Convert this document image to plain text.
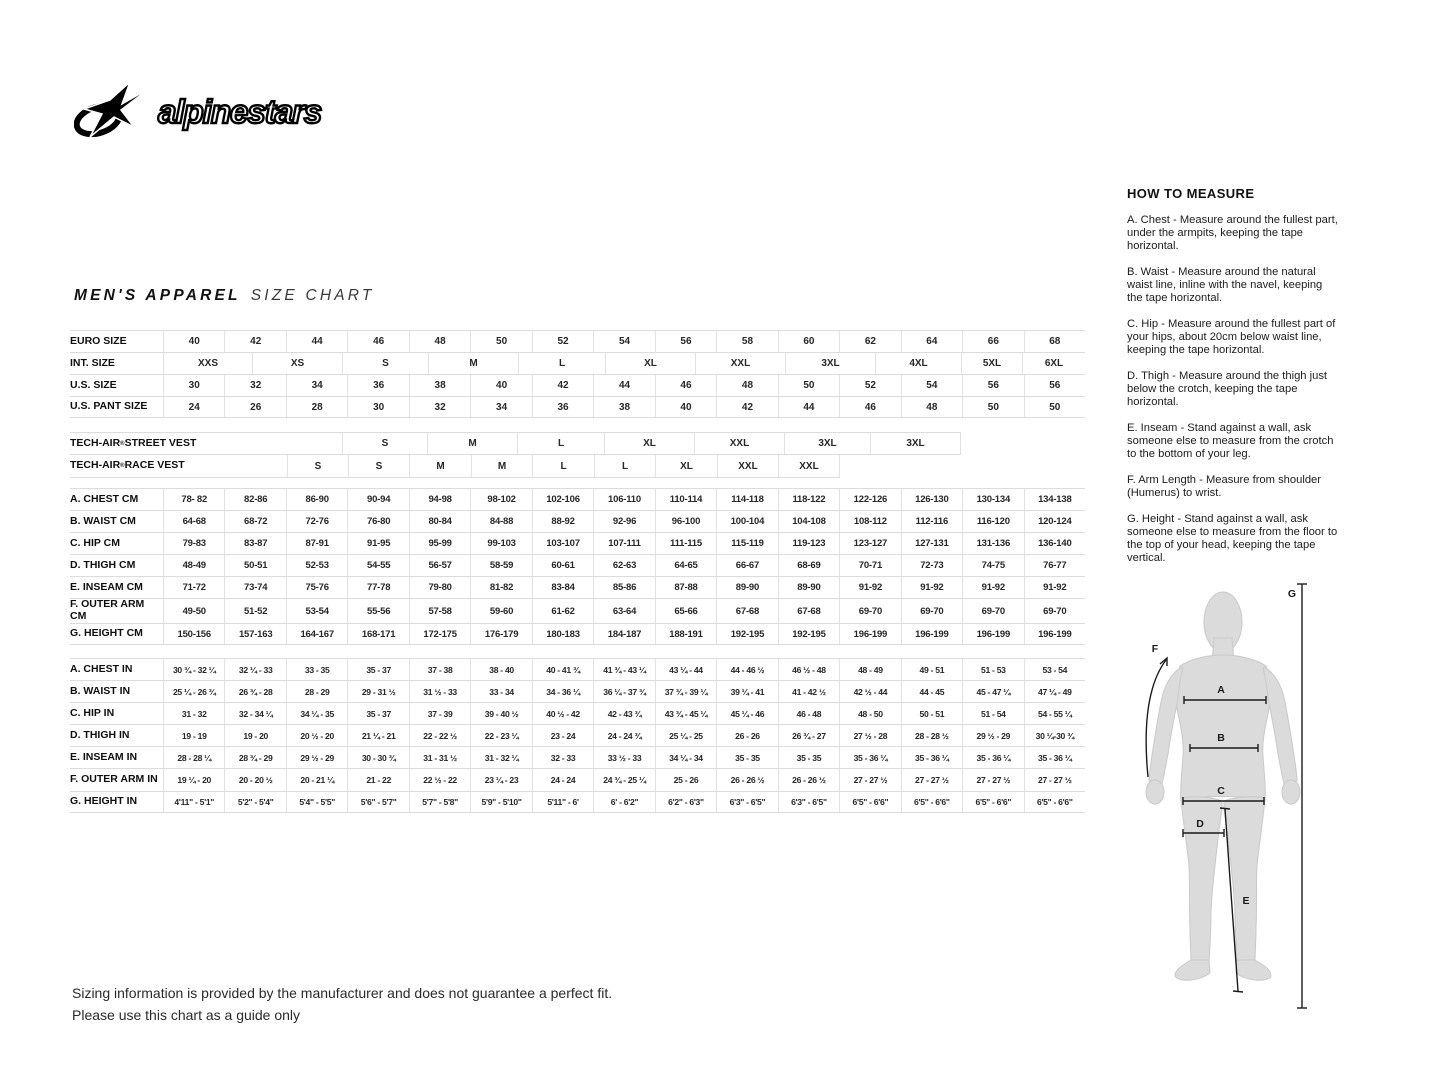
alpinestars
MEN'S APPAREL SIZE CHART
EURO SIZE	40	42	44	46	48	50	52	54	56	58	60	62	64	66	68
INT. SIZE	XXS	XS	S	M	L	XL	XXL	3XL	4XL	5XL	6XL
U.S. SIZE	30	32	34	36	38	40	42	44	46	48	50	52	54	56	56
U.S. PANT SIZE	24	26	28	30	32	34	36	38	40	42	44	46	48	50	50
TECH-AIR ® STREET VEST	S	M	L	XL	XXL	3XL	3XL
TECH-AIR ® RACE VEST	S	S	M	M	L	L	XL	XXL	XXL
A. CHEST CM	78- 82	82-86	86-90	90-94	94-98	98-102	102-106	106-110	110-114	114-118	118-122	122-126	126-130	130-134	134-138
B. WAIST CM	64-68	68-72	72-76	76-80	80-84	84-88	88-92	92-96	96-100	100-104	104-108	108-112	112-116	116-120	120-124
C. HIP CM	79-83	83-87	87-91	91-95	95-99	99-103	103-107	107-111	111-115	115-119	119-123	123-127	127-131	131-136	136-140
D. THIGH CM	48-49	50-51	52-53	54-55	56-57	58-59	60-61	62-63	64-65	66-67	68-69	70-71	72-73	74-75	76-77
E. INSEAM CM	71-72	73-74	75-76	77-78	79-80	81-82	83-84	85-86	87-88	89-90	89-90	91-92	91-92	91-92	91-92
F. OUTER ARM CM	49-50	51-52	53-54	55-56	57-58	59-60	61-62	63-64	65-66	67-68	67-68	69-70	69-70	69-70	69-70
G. HEIGHT CM	150-156	157-163	164-167	168-171	172-175	176-179	180-183	184-187	188-191	192-195	192-195	196-199	196-199	196-199	196-199
A. CHEST IN	30 ¾ - 32 ¼	32 ¼ - 33	33 - 35	35 - 37	37 - 38	38 - 40	40 - 41 ¾	41 ¾ - 43 ¼	43 ¼ - 44	44 - 46 ½	46 ½ - 48	48 - 49	49 - 51	51 - 53	53 - 54
B. WAIST IN	25 ¼ - 26 ¾	26 ¾ - 28	28 - 29	29 - 31 ½	31 ½ - 33	33 - 34	34 - 36 ¼	36 ¼ - 37 ¾	37 ¾ - 39 ¼	39 ¼ - 41	41 - 42 ½	42 ½ - 44	44 - 45	45 - 47 ¼	47 ¼ - 49
C. HIP IN	31 - 32	32 - 34 ¼	34 ¼ - 35	35 - 37	37 - 39	39 - 40 ½	40 ½ - 42	42 - 43 ¾	43 ¾ - 45 ¼	45 ¼ - 46	46 - 48	48 - 50	50 - 51	51 - 54	54 - 55 ¼
D. THIGH IN	19 - 19	19 - 20	20 ½ - 20	21 ¼ - 21	22 - 22 ½	22 - 23 ¼	23 - 24	24 - 24 ¾	25 ¼ - 25	26 - 26	26 ¾ - 27	27 ½ - 28	28 - 28 ½	29 ½ - 29	30 ¼-30 ¾
E. INSEAM IN	28 - 28 ¼	28 ¾ - 29	29 ½ - 29	30 - 30 ¾	31 - 31 ½	31 - 32 ¼	32 - 33	33 ½ - 33	34 ¼ - 34	35 - 35	35 - 35	35 - 36 ¼	35 - 36 ¼	35 - 36 ¼	35 - 36 ¼
F. OUTER ARM IN	19 ¼ - 20	20 - 20 ½	20 - 21 ¼	21 - 22	22 ½ - 22	23 ¼ - 23	24 - 24	24 ¾ - 25 ¼	25 - 26	26 - 26 ½	26 - 26 ½	27 - 27 ½	27 - 27 ½	27 - 27 ½	27 - 27 ½
G. HEIGHT IN	4'11" - 5'1"	5'2" - 5'4"	5'4" - 5'5"	5'6" - 5'7"	5'7" - 5'8"	5'9" - 5'10"	5'11" - 6'	6' - 6'2"	6'2" - 6'3"	6'3" - 6'5"	6'3" - 6'5"	6'5" - 6'6"	6'5" - 6'6"	6'5" - 6'6"	6'5" - 6'6"
HOW TO MEASURE

A. Chest - Measure around the fullest part, under the armpits, keeping the tape horizontal.

B. Waist - Measure around the natural waist line, inline with the navel, keeping the tape horizontal.

C. Hip - Measure around the fullest part of your hips, about 20cm below waist line, keeping the tape horizontal.

D. Thigh - Measure around the thigh just below the crotch, keeping the tape horizontal.

E. Inseam - Stand against a wall, ask someone else to measure from the crotch to the bottom of your leg.

F. Arm Length - Measure from shoulder (Humerus) to wrist.

G. Height - Stand against a wall, ask someone else to measure from the floor to the top of your head, keeping the tape vertical.

A
B
C
D
E
F
G

Sizing information is provided by the manufacturer and does not guarantee a perfect fit.
Please use this chart as a guide only
